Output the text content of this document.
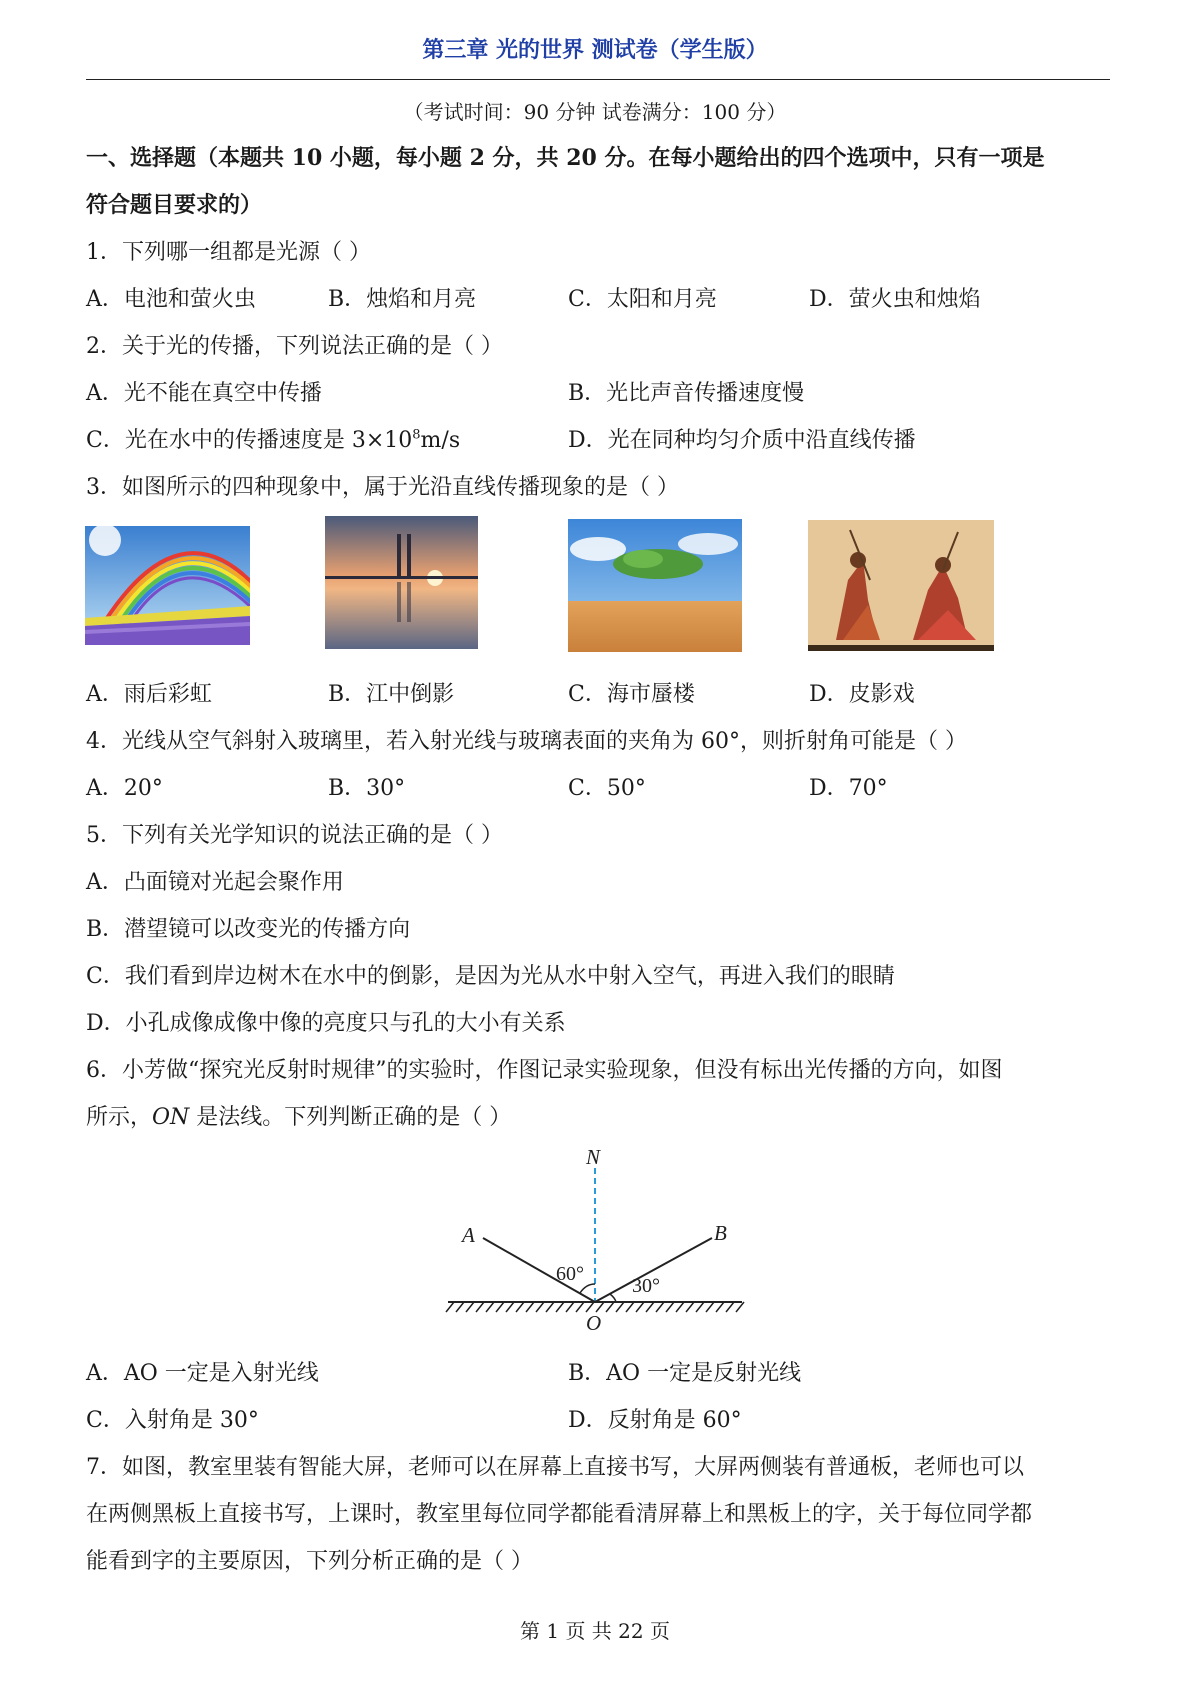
第三章 光的世界 测试卷（学生版）
（考试时间：90 分钟 试卷满分：100 分）
一、选择题（本题共 10 小题，每小题 2 分，共 20 分。在每小题给出的四个选项中，只有一项是
符合题目要求的）
1．下列哪一组都是光源（ ）
A．电池和萤火虫	B．烛焰和月亮	C．太阳和月亮	D．萤火虫和烛焰
2．关于光的传播，下列说法正确的是（ ）
A．光不能在真空中传播	B．光比声音传播速度慢
C．光在水中的传播速度是 $3\times 10^8m/s$	D．光在同种均匀介质中沿直线传播
3．如图所示的四种现象中，属于光沿直线传播现象的是（ ）
A．雨后彩虹	B．江中倒影	C．海市蜃楼	D．皮影戏
4．光线从空气斜射入玻璃里，若入射光线与玻璃表面的夹角为 60°，则折射角可能是（ ）
A．20°	B．30°	C．50°	D．70°
5．下列有关光学知识的说法正确的是（ ）
A．凸面镜对光起会聚作用
B．潜望镜可以改变光的传播方向
C．我们看到岸边树木在水中的倒影，是因为光从水中射入空气，再进入我们的眼睛
D．小孔成像成像中像的亮度只与孔的大小有关系
6．小芳做“探究光反射时规律”的实验时，作图记录实验现象，但没有标出光传播的方向，如图
所示，ON 是法线。下列判断正确的是（ ）
N
A	B
O
60°
30°
A．AO 一定是入射光线	B．AO 一定是反射光线
C．入射角是 30°	D．反射角是 60°
7．如图，教室里装有智能大屏，老师可以在屏幕上直接书写，大屏两侧装有普通板，老师也可以
在两侧黑板上直接书写，上课时，教室里每位同学都能看清屏幕上和黑板上的字，关于每位同学都
能看到字的主要原因，下列分析正确的是（ ）
第 1 页 共 22 页
